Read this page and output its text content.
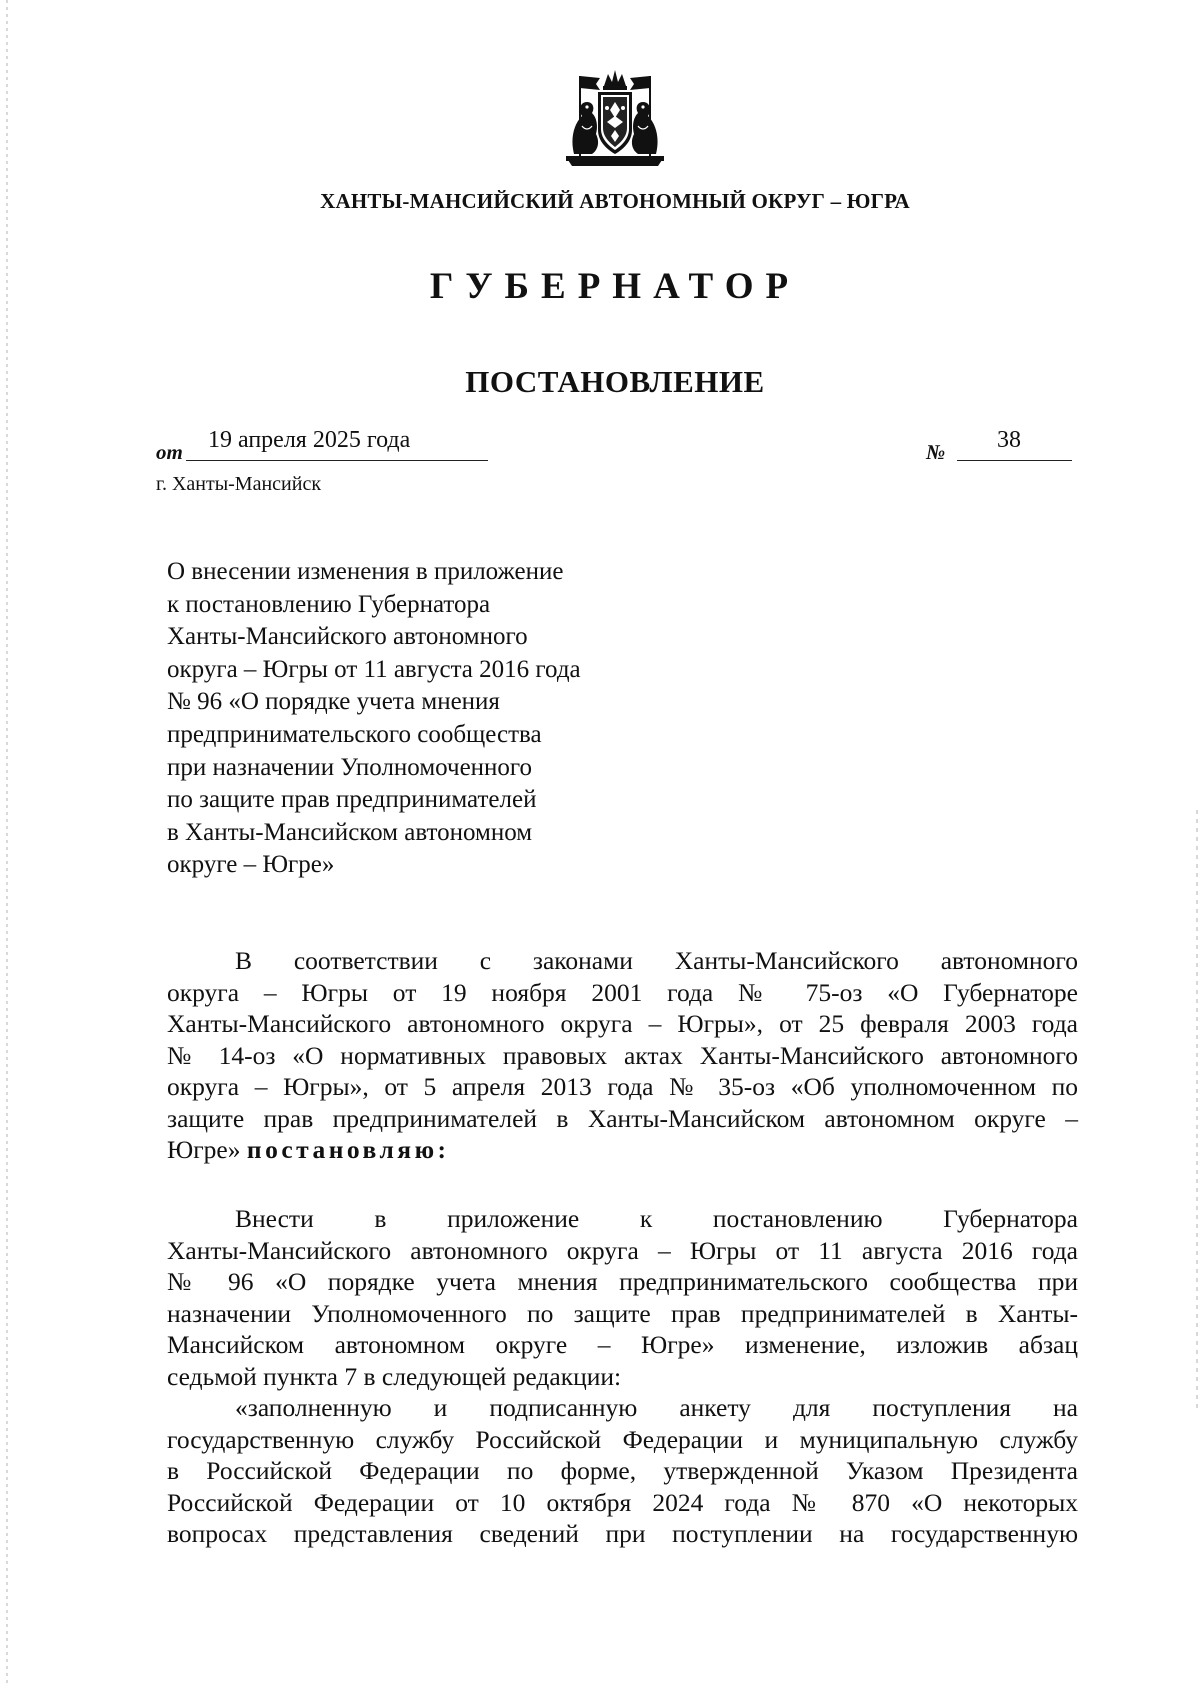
ХАНТЫ-МАНСИЙСКИЙ АВТОНОМНЫЙ ОКРУГ – ЮГРА
ГУБЕРНАТОР
ПОСТАНОВЛЕНИЕ
от	19 апреля 2025 года	№	38
г. Ханты-Мансийск
О внесении изменения в приложение
к постановлению Губернатора
Ханты-Мансийского автономного
округа – Югры от 11 августа 2016 года
№ 96 «О порядке учета мнения
предпринимательского сообщества
при назначении Уполномоченного
по защите прав предпринимателей
в Ханты-Мансийском автономном
округе – Югре»
В соответствии с законами Ханты-Мансийского автономного
округа – Югры от 19 ноября 2001 года № 75-оз «О Губернаторе
Ханты-Мансийского автономного округа – Югры», от 25 февраля 2003 года
№ 14-оз «О нормативных правовых актах Ханты-Мансийского автономного
округа – Югры», от 5 апреля 2013 года № 35-оз «Об уполномоченном по
защите прав предпринимателей в Ханты-Мансийском автономном округе –
Югре» постановляю:
Внести в приложение к постановлению Губернатора
Ханты-Мансийского автономного округа – Югры от 11 августа 2016 года
№ 96 «О порядке учета мнения предпринимательского сообщества при
назначении Уполномоченного по защите прав предпринимателей в Ханты-
Мансийском автономном округе – Югре» изменение, изложив абзац
седьмой пункта 7 в следующей редакции:
«заполненную и подписанную анкету для поступления на
государственную службу Российской Федерации и муниципальную службу
в Российской Федерации по форме, утвержденной Указом Президента
Российской Федерации от 10 октября 2024 года № 870 «О некоторых
вопросах представления сведений при поступлении на государственную
